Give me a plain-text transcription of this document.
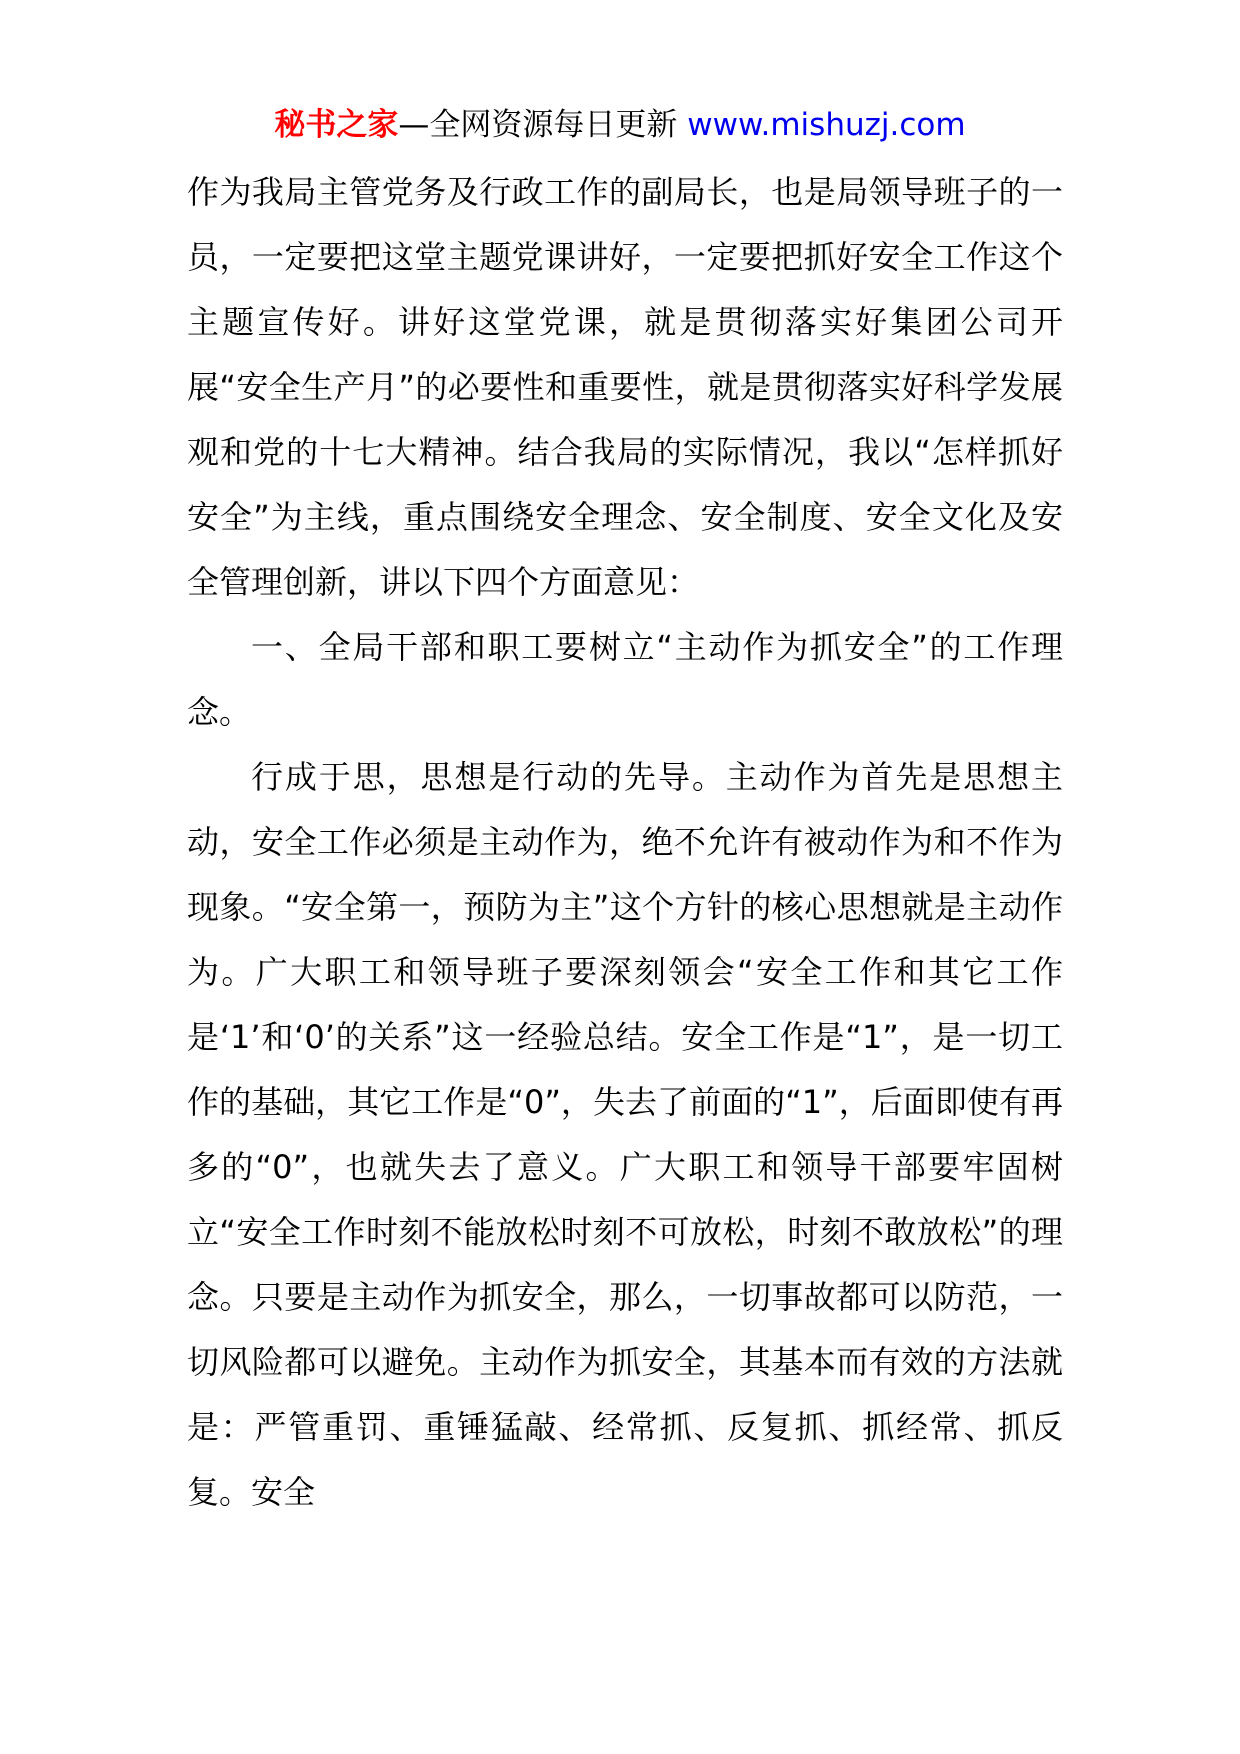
秘书之家—全网资源每日更新 www.mishuzj.com

作为我局主管党务及行政工作的副局长，也是局领导班子的一员，一定要把这堂主题党课讲好，一定要把抓好安全工作这个主题宣传好。讲好这堂党课，就是贯彻落实好集团公司开展“安全生产月”的必要性和重要性，就是贯彻落实好科学发展观和党的十七大精神。结合我局的实际情况，我以“怎样抓好安全”为主线，重点围绕安全理念、安全制度、安全文化及安全管理创新，讲以下四个方面意见：

一、全局干部和职工要树立“主动作为抓安全”的工作理念。

行成于思，思想是行动的先导。主动作为首先是思想主动，安全工作必须是主动作为，绝不允许有被动作为和不作为现象。“安全第一，预防为主”这个方针的核心思想就是主动作为。广大职工和领导班子要深刻领会“安全工作和其它工作是‘1’和‘0’的关系”这一经验总结。安全工作是“1”，是一切工作的基础，其它工作是“0”，失去了前面的“1”，后面即使有再多的“0”，也就失去了意义。广大职工和领导干部要牢固树立“安全工作时刻不能放松时刻不可放松，时刻不敢放松”的理念。只要是主动作为抓安全，那么，一切事故都可以防范，一切风险都可以避免。主动作为抓安全，其基本而有效的方法就是：严管重罚、重锤猛敲、经常抓、反复抓、抓经常、抓反复。安全
